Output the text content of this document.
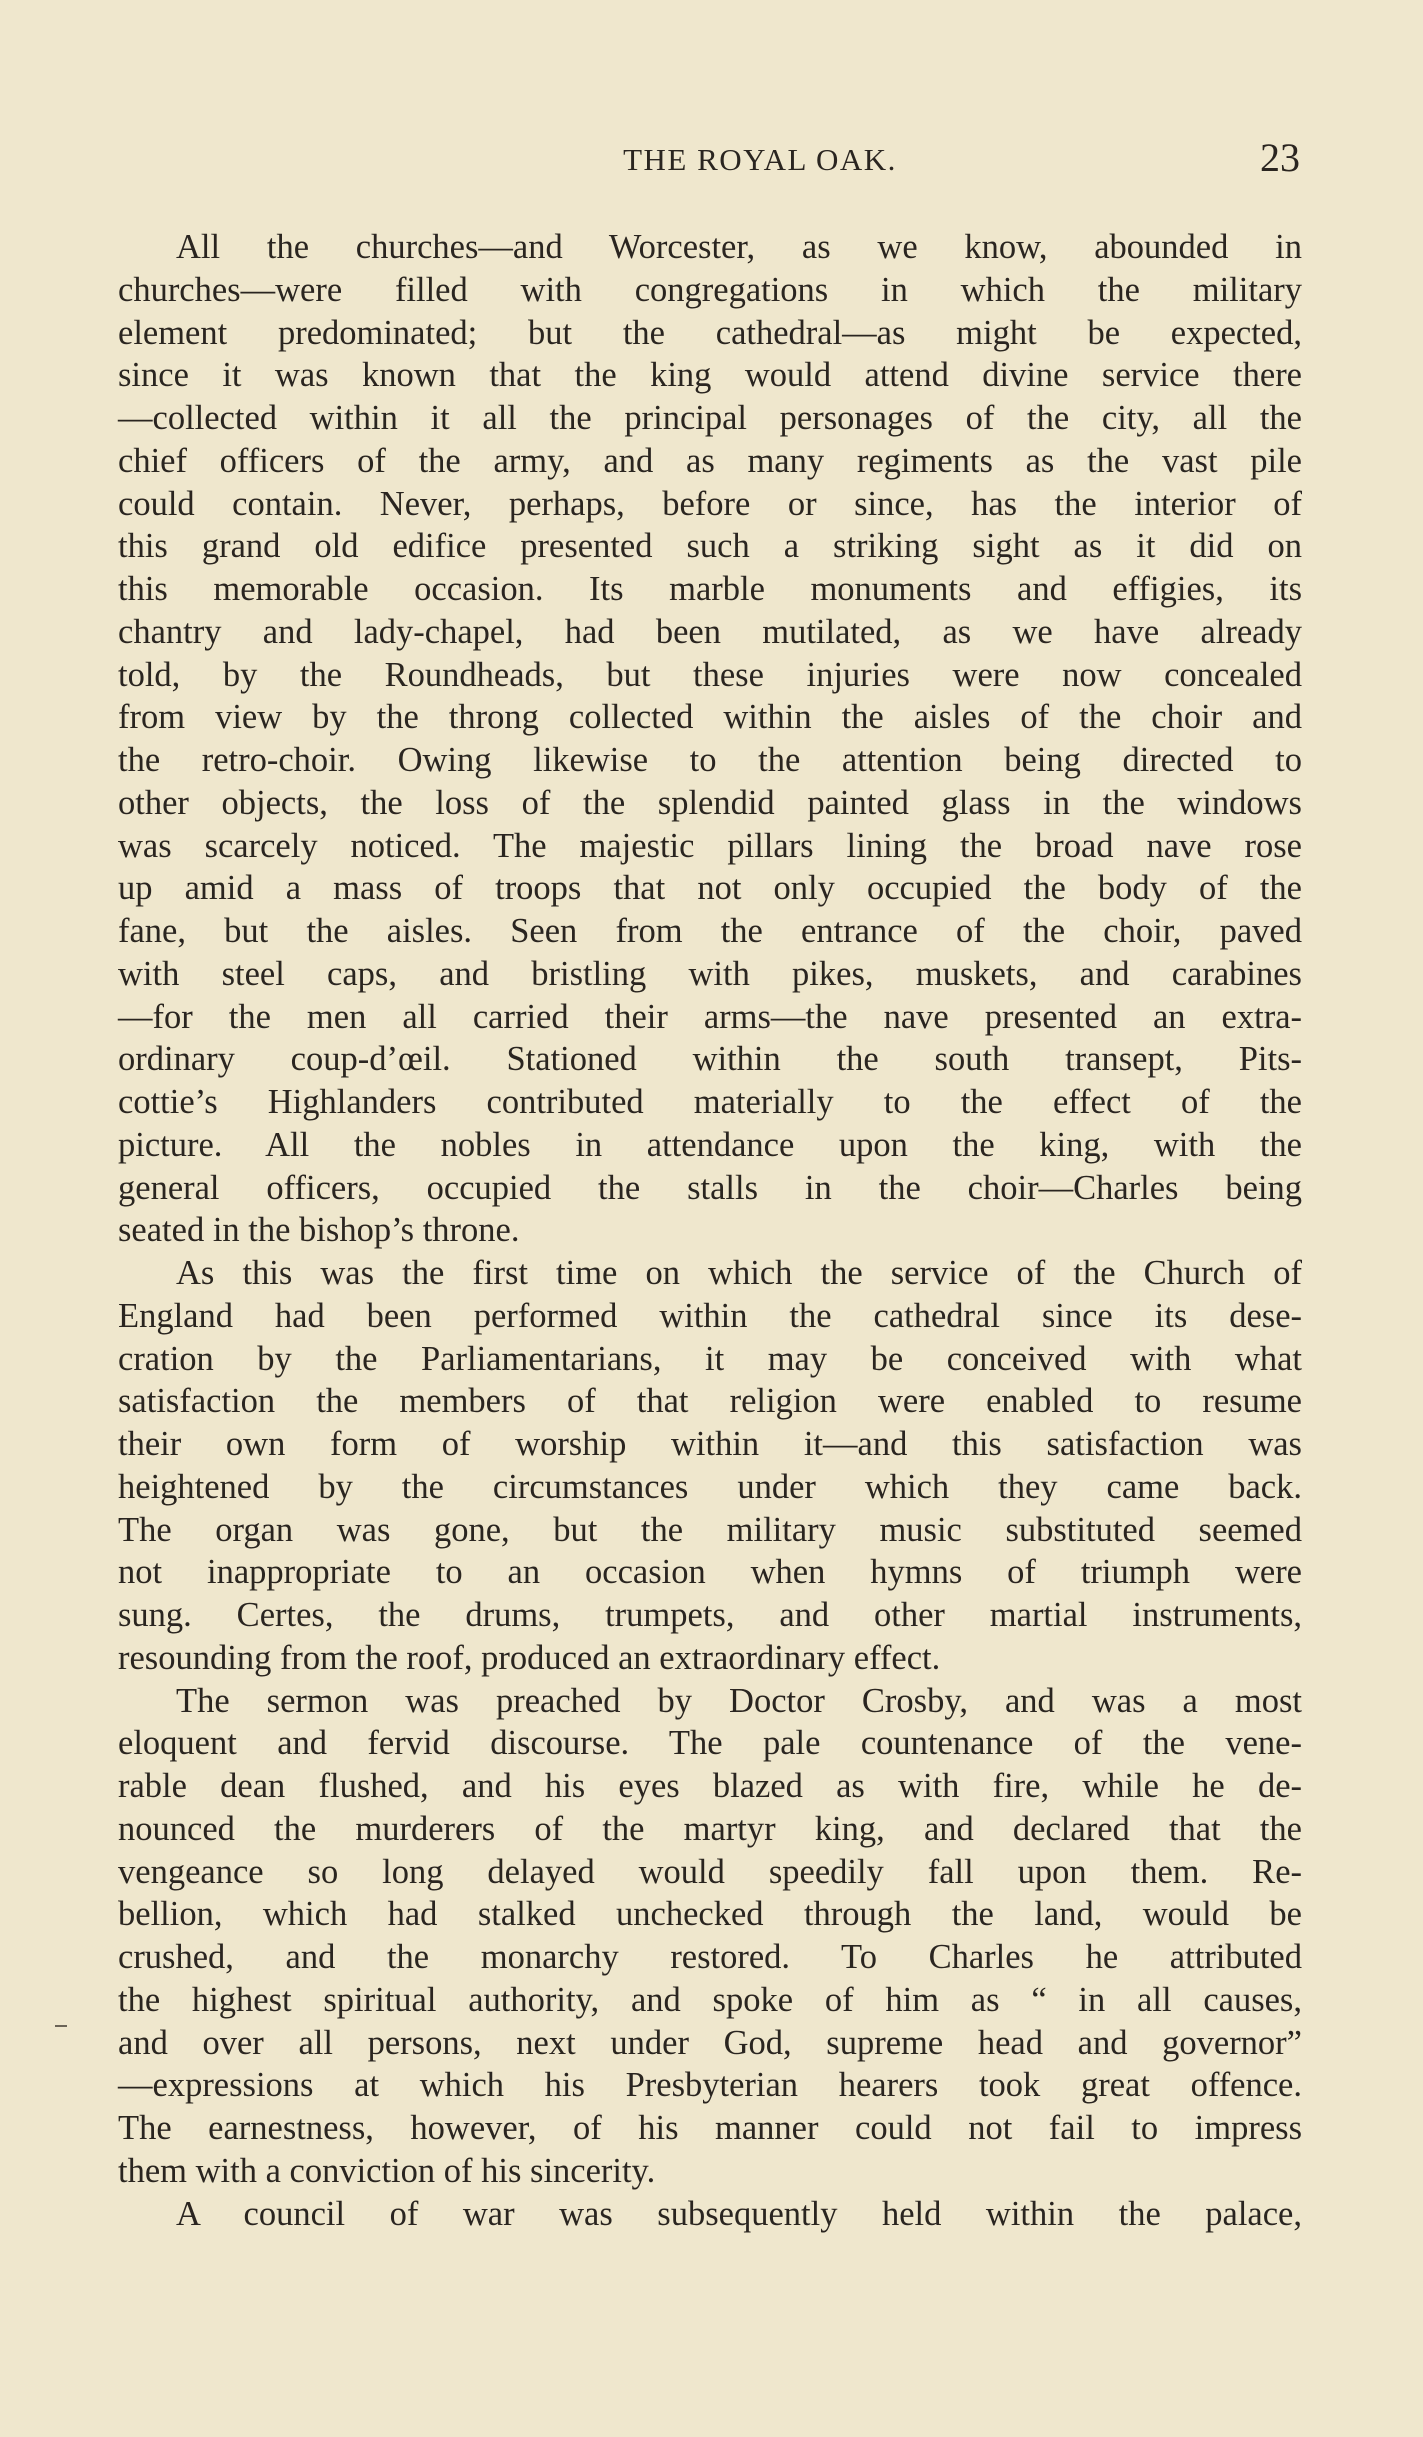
THE ROYAL OAK.	23
All the churches—and Worcester, as we know, abounded in
churches—were filled with congregations in which the military
element predominated; but the cathedral—as might be expected,
since it was known that the king would attend divine service there
—collected within it all the principal personages of the city, all the
chief officers of the army, and as many regiments as the vast pile
could contain. Never, perhaps, before or since, has the interior of
this grand old edifice presented such a striking sight as it did on
this memorable occasion. Its marble monuments and effigies, its
chantry and lady-chapel, had been mutilated, as we have already
told, by the Roundheads, but these injuries were now concealed
from view by the throng collected within the aisles of the choir and
the retro-choir. Owing likewise to the attention being directed to
other objects, the loss of the splendid painted glass in the windows
was scarcely noticed. The majestic pillars lining the broad nave rose
up amid a mass of troops that not only occupied the body of the
fane, but the aisles. Seen from the entrance of the choir, paved
with steel caps, and bristling with pikes, muskets, and carabines
—for the men all carried their arms—the nave presented an extra-
ordinary coup-d’œil. Stationed within the south transept, Pits-
cottie’s Highlanders contributed materially to the effect of the
picture. All the nobles in attendance upon the king, with the
general officers, occupied the stalls in the choir—Charles being
seated in the bishop’s throne.
As this was the first time on which the service of the Church of
England had been performed within the cathedral since its dese-
cration by the Parliamentarians, it may be conceived with what
satisfaction the members of that religion were enabled to resume
their own form of worship within it—and this satisfaction was
heightened by the circumstances under which they came back.
The organ was gone, but the military music substituted seemed
not inappropriate to an occasion when hymns of triumph were
sung. Certes, the drums, trumpets, and other martial instruments,
resounding from the roof, produced an extraordinary effect.
The sermon was preached by Doctor Crosby, and was a most
eloquent and fervid discourse. The pale countenance of the vene-
rable dean flushed, and his eyes blazed as with fire, while he de-
nounced the murderers of the martyr king, and declared that the
vengeance so long delayed would speedily fall upon them. Re-
bellion, which had stalked unchecked through the land, would be
crushed, and the monarchy restored. To Charles he attributed
the highest spiritual authority, and spoke of him as “ in all causes,
and over all persons, next under God, supreme head and governor”
—expressions at which his Presbyterian hearers took great offence.
The earnestness, however, of his manner could not fail to impress
them with a conviction of his sincerity.
A council of war was subsequently held within the palace,
